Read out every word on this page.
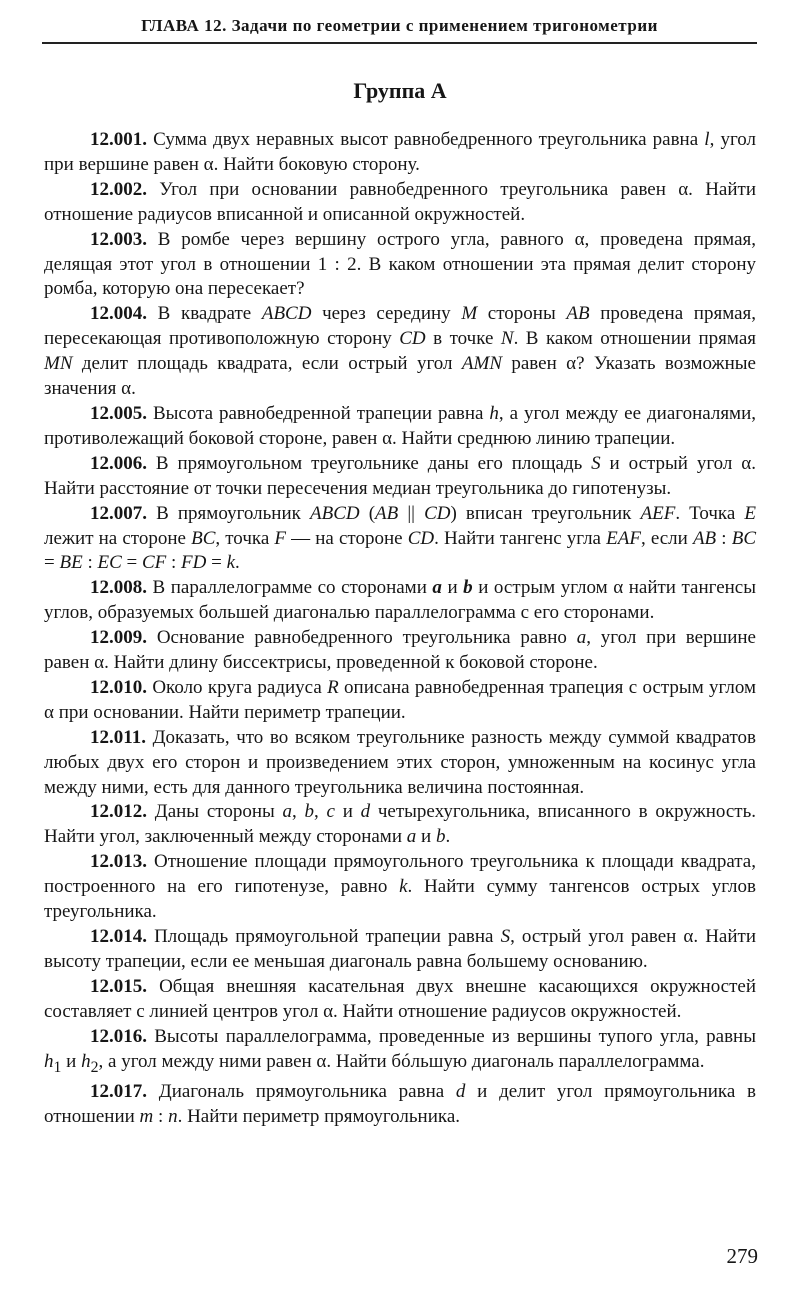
ГЛАВА 12. Задачи по геометрии с применением тригонометрии
Группа А

12.001. Сумма двух неравных высот равнобедренного треугольника равна l, угол при вершине равен α. Найти боковую сторону.

12.002. Угол при основании равнобедренного треугольника равен α. Найти отношение радиусов вписанной и описанной окружностей.

12.003. В ромбе через вершину острого угла, равного α, проведена прямая, делящая этот угол в отношении 1 : 2. В каком отношении эта прямая делит сторону ромба, которую она пересекает?

12.004. В квадрате ABCD через середину M стороны AB проведена прямая, пересекающая противоположную сторону CD в точке N. В каком отношении прямая MN делит площадь квадрата, если острый угол AMN равен α? Указать возможные значения α.

12.005. Высота равнобедренной трапеции равна h, а угол между ее диагоналями, противолежащий боковой стороне, равен α. Найти среднюю линию трапеции.

12.006. В прямоугольном треугольнике даны его площадь S и острый угол α. Найти расстояние от точки пересечения медиан треугольника до гипотенузы.

12.007. В прямоугольник ABCD (AB || CD) вписан треугольник AEF. Точка E лежит на стороне BC, точка F — на стороне CD. Найти тангенс угла EAF, если AB : BC = BE : EC = CF : FD = k.

12.008. В параллелограмме со сторонами a и b и острым углом α найти тангенсы углов, образуемых большей диагональю параллелограмма с его сторонами.

12.009. Основание равнобедренного треугольника равно a, угол при вершине равен α. Найти длину биссектрисы, проведенной к боковой стороне.

12.010. Около круга радиуса R описана равнобедренная трапеция с острым углом α при основании. Найти периметр трапеции.

12.011. Доказать, что во всяком треугольнике разность между суммой квадратов любых двух его сторон и произведением этих сторон, умноженным на косинус угла между ними, есть для данного треугольника величина постоянная.

12.012. Даны стороны a, b, c и d четырехугольника, вписанного в окружность. Найти угол, заключенный между сторонами a и b.

12.013. Отношение площади прямоугольного треугольника к площади квадрата, построенного на его гипотенузе, равно k. Найти сумму тангенсов острых углов треугольника.

12.014. Площадь прямоугольной трапеции равна S, острый угол равен α. Найти высоту трапеции, если ее меньшая диагональ равна большему основанию.

12.015. Общая внешняя касательная двух внешне касающихся окружностей составляет с линией центров угол α. Найти отношение радиусов окружностей.

12.016. Высоты параллелограмма, проведенные из вершины тупого угла, равны $h_1$ и $h_2$, а угол между ними равен α. Найти бóльшую диагональ параллелограмма.

12.017. Диагональ прямоугольника равна d и делит угол прямоугольника в отношении m : n. Найти периметр прямоугольника.

279
